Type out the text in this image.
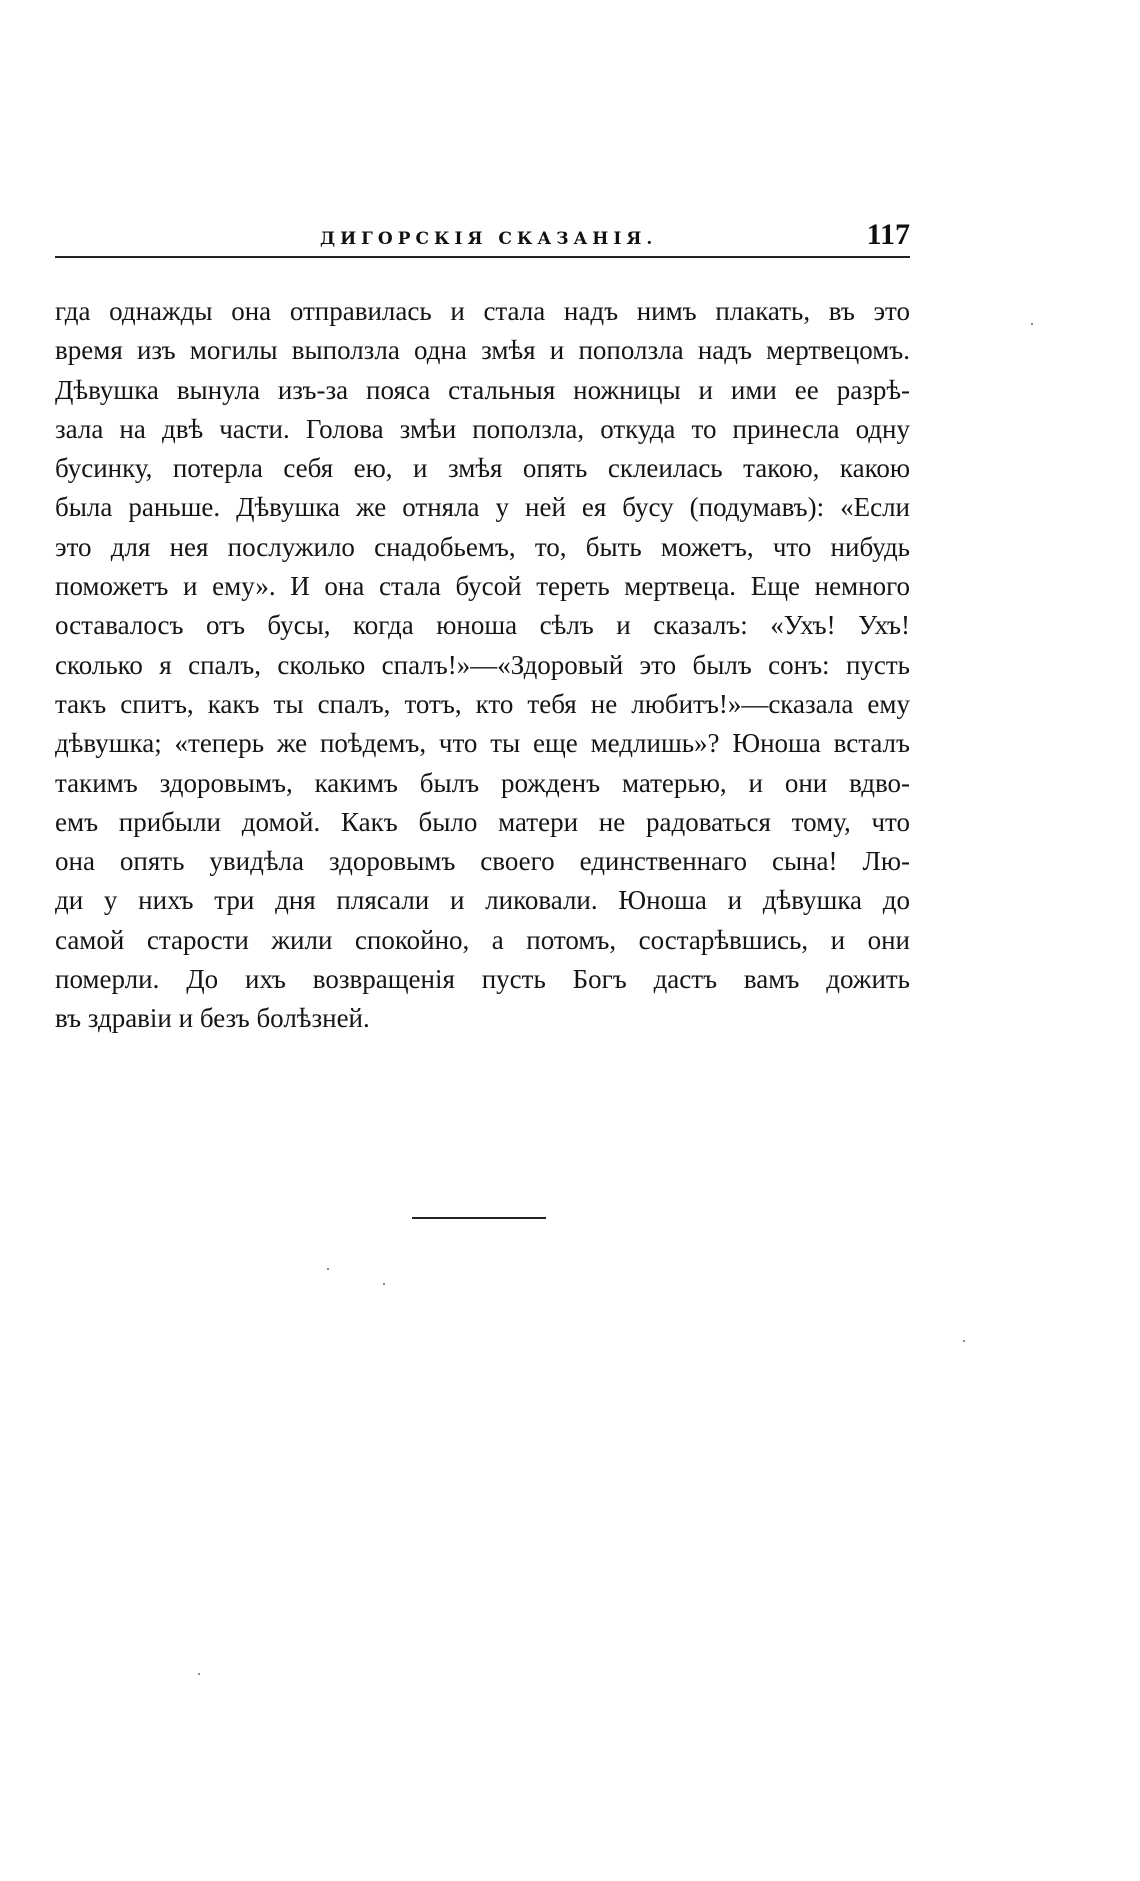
ДИГОРСКІЯ СКАЗАНІЯ.	117
гда однажды она отправилась и стала надъ нимъ плакать, въ это
время изъ могилы выползла одна змѣя и поползла надъ мертвецомъ.
Дѣвушка вынула изъ-за пояса стальныя ножницы и ими ее разрѣ-
зала на двѣ части. Голова змѣи поползла, откуда то принесла одну
бусинку, потерла себя ею, и змѣя опять склеилась такою, какою
была раньше. Дѣвушка же отняла у ней ея бусу (подумавъ): «Если
это для нея послужило снадобьемъ, то, быть можетъ, что нибудь
поможетъ и ему». И она стала бусой тереть мертвеца. Еще немного
оставалосъ отъ бусы, когда юноша сѣлъ и сказалъ: «Ухъ! Ухъ!
сколько я спалъ, сколько спалъ!»—«Здоровый это былъ сонъ: пусть
такъ спитъ, какъ ты спалъ, тотъ, кто тебя не любитъ!»—сказала ему
дѣвушка; «теперь же поѣдемъ, что ты еще медлишь»? Юноша всталъ
такимъ здоровымъ, какимъ былъ рожденъ матерью, и они вдво-
емъ прибыли домой. Какъ было матери не радоваться тому, что
она опять увидѣла здоровымъ своего единственнаго сына! Лю-
ди у нихъ три дня плясали и ликовали. Юноша и дѣвушка до
самой старости жили спокойно, а потомъ, состарѣвшись, и они
померли. До ихъ возвращенія пусть Богъ дастъ вамъ дожить
въ здравіи и безъ болѣзней.
